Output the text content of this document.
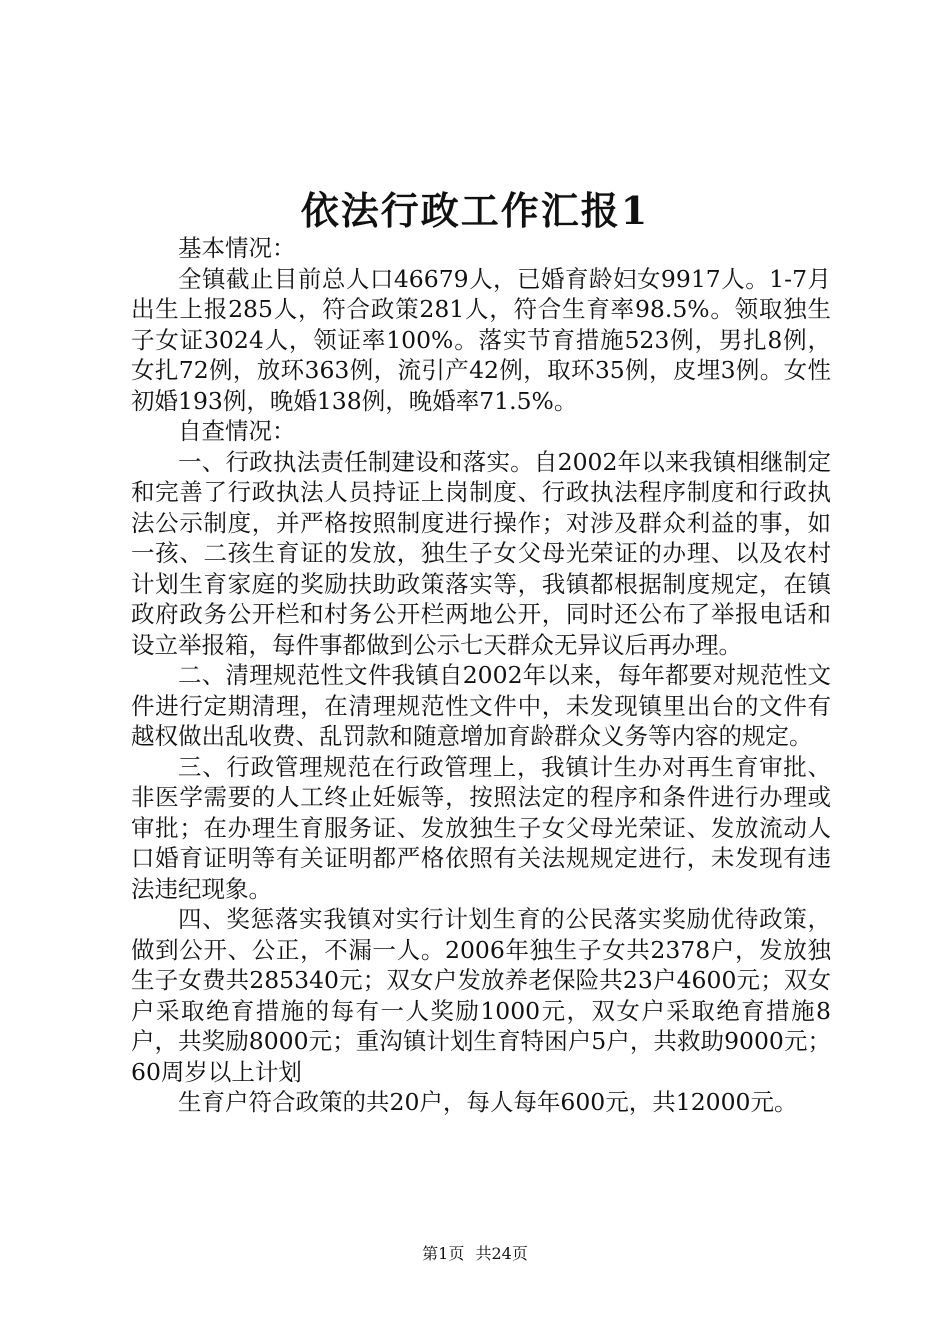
依法行政工作汇报1

基本情况：

全镇截止目前总人口46679人，已婚育龄妇女9917人。1-7月出生上报285人，符合政策281人，符合生育率98.5%。领取独生子女证3024人，领证率100%。落实节育措施523例，男扎8例，女扎72例，放环363例，流引产42例，取环35例，皮埋3例。女性初婚193例，晚婚138例，晚婚率71.5%。

自查情况：

一、行政执法责任制建设和落实。自2002年以来我镇相继制定和完善了行政执法人员持证上岗制度、行政执法程序制度和行政执法公示制度，并严格按照制度进行操作；对涉及群众利益的事，如一孩、二孩生育证的发放，独生子女父母光荣证的办理、以及农村计划生育家庭的奖励扶助政策落实等，我镇都根据制度规定，在镇政府政务公开栏和村务公开栏两地公开，同时还公布了举报电话和设立举报箱，每件事都做到公示七天群众无异议后再办理。

二、清理规范性文件我镇自2002年以来，每年都要对规范性文件进行定期清理，在清理规范性文件中，未发现镇里出台的文件有越权做出乱收费、乱罚款和随意增加育龄群众义务等内容的规定。

三、行政管理规范在行政管理上，我镇计生办对再生育审批、非医学需要的人工终止妊娠等，按照法定的程序和条件进行办理或审批；在办理生育服务证、发放独生子女父母光荣证、发放流动人口婚育证明等有关证明都严格依照有关法规规定进行，未发现有违法违纪现象。

四、奖惩落实我镇对实行计划生育的公民落实奖励优待政策，做到公开、公正，不漏一人。2006年独生子女共2378户，发放独生子女费共285340元；双女户发放养老保险共23户4600元；双女户采取绝育措施的每有一人奖励1000元，双女户采取绝育措施8户，共奖励8000元；重沟镇计划生育特困户5户，共救助9000元；60周岁以上计划

生育户符合政策的共20户，每人每年600元，共12000元。

第1页 共24页
